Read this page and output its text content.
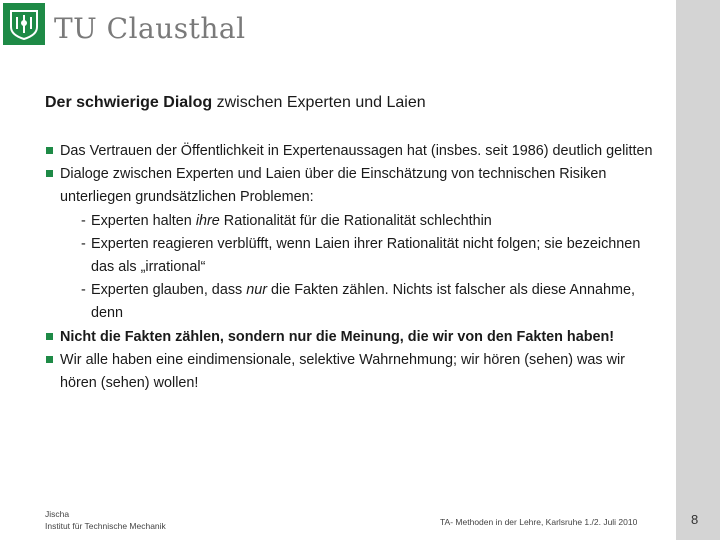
TU Clausthal
Der schwierige Dialog zwischen Experten und Laien
Das Vertrauen der Öffentlichkeit in Expertenaussagen hat (insbes. seit 1986) deutlich gelitten
Dialoge zwischen Experten und Laien über die Einschätzung von technischen Risiken unterliegen grundsätzlichen Problemen:
- Experten halten ihre Rationalität für die Rationalität schlechthin
- Experten reagieren verblüfft, wenn Laien ihrer Rationalität nicht folgen; sie bezeichnen das als „irrational“
- Experten glauben, dass nur die Fakten zählen. Nichts ist falscher als diese Annahme, denn
Nicht die Fakten zählen, sondern nur die Meinung, die wir von den Fakten haben!
Wir alle haben eine eindimensionale, selektive Wahrnehmung; wir hören (sehen) was wir hören (sehen) wollen!
Jischa
Institut für Technische Mechanik	TA- Methoden in der Lehre, Karlsruhe 1./2. Juli 2010	8
